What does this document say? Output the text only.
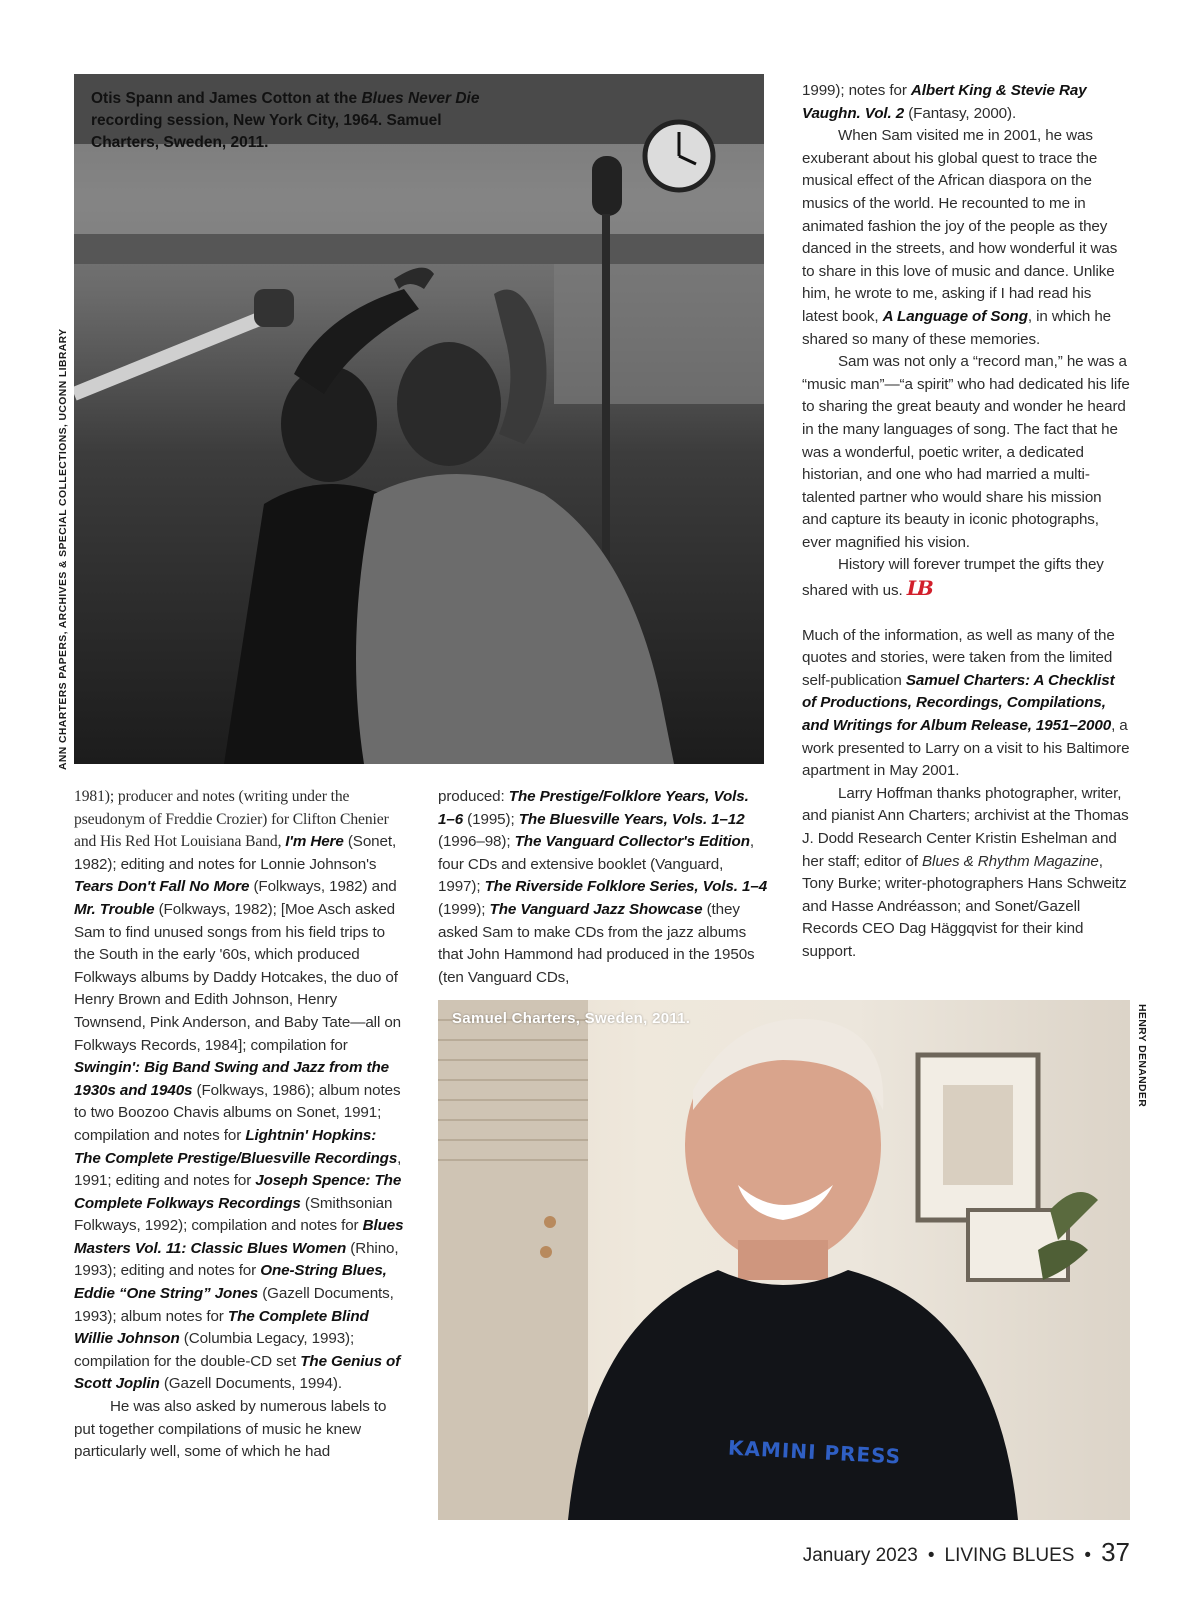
Otis Spann and James Cotton at the Blues Never Die recording session, New York City, 1964. Samuel Charters, Sweden, 2011.
ANN CHARTERS PAPERS, ARCHIVES & SPECIAL COLLECTIONS, UCONN LIBRARY

1981); producer and notes (writing under the pseudonym of Freddie Crozier) for Clifton Chenier and His Red Hot Louisiana Band, I'm Here (Sonet, 1982); editing and notes for Lonnie Johnson's Tears Don't Fall No More (Folkways, 1982) and Mr. Trouble (Folkways, 1982); [Moe Asch asked Sam to find unused songs from his field trips to the South in the early '60s, which produced Folkways albums by Daddy Hotcakes, the duo of Henry Brown and Edith Johnson, Henry Townsend, Pink Anderson, and Baby Tate—all on Folkways Records, 1984]; compilation for Swingin': Big Band Swing and Jazz from the 1930s and 1940s (Folkways, 1986); album notes to two Boozoo Chavis albums on Sonet, 1991; compilation and notes for Lightnin' Hopkins: The Complete Prestige/Bluesville Recordings, 1991; editing and notes for Joseph Spence: The Complete Folkways Recordings (Smithsonian Folkways, 1992); compilation and notes for Blues Masters Vol. 11: Classic Blues Women (Rhino, 1993); editing and notes for One-String Blues, Eddie “One String” Jones (Gazell Documents, 1993); album notes for The Complete Blind Willie Johnson (Columbia Legacy, 1993); compilation for the double-CD set The Genius of Scott Joplin (Gazell Documents, 1994).

He was also asked by numerous labels to put together compilations of music he knew particularly well, some of which he had

produced: The Prestige/Folklore Years, Vols. 1–6 (1995); The Bluesville Years, Vols. 1–12 (1996–98); The Vanguard Collector's Edition, four CDs and extensive booklet (Vanguard, 1997); The Riverside Folklore Series, Vols. 1–4 (1999); The Vanguard Jazz Showcase (they asked Sam to make CDs from the jazz albums that John Hammond had produced in the 1950s (ten Vanguard CDs,

1999); notes for Albert King & Stevie Ray Vaughn. Vol. 2 (Fantasy, 2000).

When Sam visited me in 2001, he was exuberant about his global quest to trace the musical effect of the African diaspora on the musics of the world. He recounted to me in animated fashion the joy of the people as they danced in the streets, and how wonderful it was to share in this love of music and dance. Unlike him, he wrote to me, asking if I had read his latest book, A Language of Song, in which he shared so many of these memories.

Sam was not only a “record man,” he was a “music man”—“a spirit” who had dedicated his life to sharing the great beauty and wonder he heard in the many languages of song. The fact that he was a wonderful, poetic writer, a dedicated historian, and one who had married a multi-talented partner who would share his mission and capture its beauty in iconic photographs, ever magnified his vision.

History will forever trumpet the gifts they shared with us. LB

Much of the information, as well as many of the quotes and stories, were taken from the limited self-publication Samuel Charters: A Checklist of Productions, Recordings, Compilations, and Writings for Album Release, 1951–2000, a work presented to Larry on a visit to his Baltimore apartment in May 2001.

Larry Hoffman thanks photographer, writer, and pianist Ann Charters; archivist at the Thomas J. Dodd Research Center Kristin Eshelman and her staff; editor of Blues & Rhythm Magazine, Tony Burke; writer-photographers Hans Schweitz and Hasse Andréasson; and Sonet/Gazell Records CEO Dag Häggqvist for their kind support.

Samuel Charters, Sweden, 2011.
KAMINI PRESS
HENRY DENANDER
January 2023 • LIVING BLUES • 37
